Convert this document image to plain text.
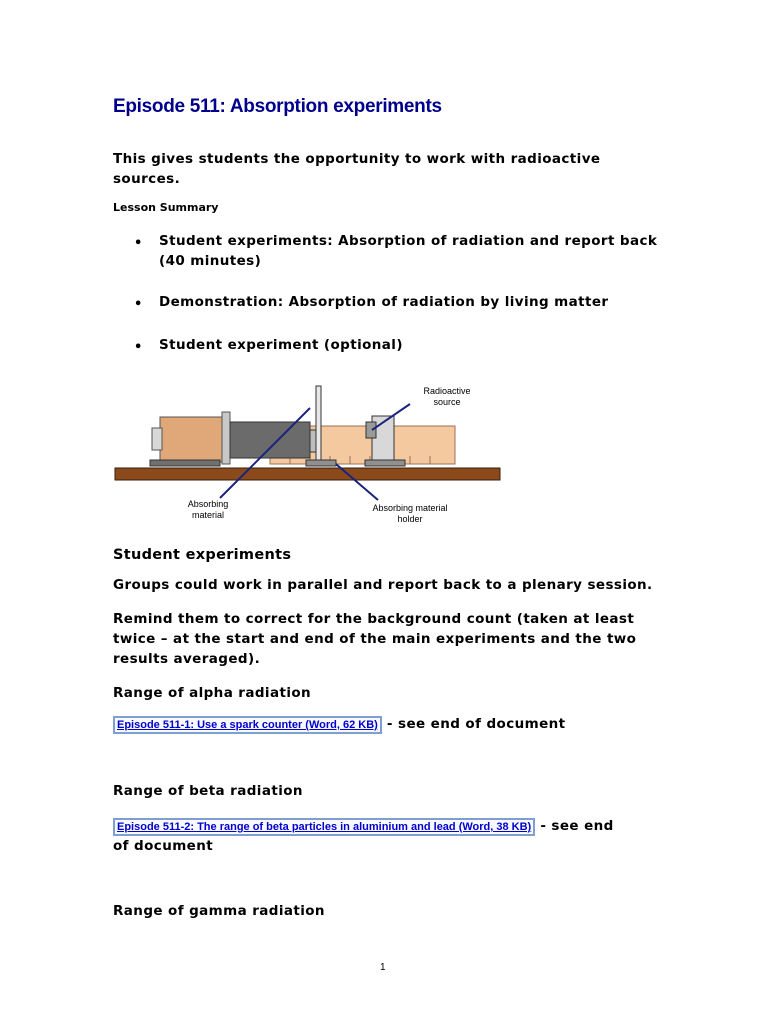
Episode 511: Absorption experiments
This gives students the opportunity to work with radioactive sources.
Lesson Summary
• Student experiments: Absorption of radiation and report back (40 minutes)
• Demonstration: Absorption of radiation by living matter
• Student experiment (optional)
Radioactive
source
Absorbing
material
Absorbing material
holder
Student experiments
Groups could work in parallel and report back to a plenary session.
Remind them to correct for the background count (taken at least twice – at the start and end of the main experiments and the two results averaged).
Range of alpha radiation
Episode 511-1: Use a spark counter (Word, 62 KB) - see end of document
Range of beta radiation
Episode 511-2: The range of beta particles in aluminium and lead (Word, 38 KB) - see end
of document
Range of gamma radiation
1
